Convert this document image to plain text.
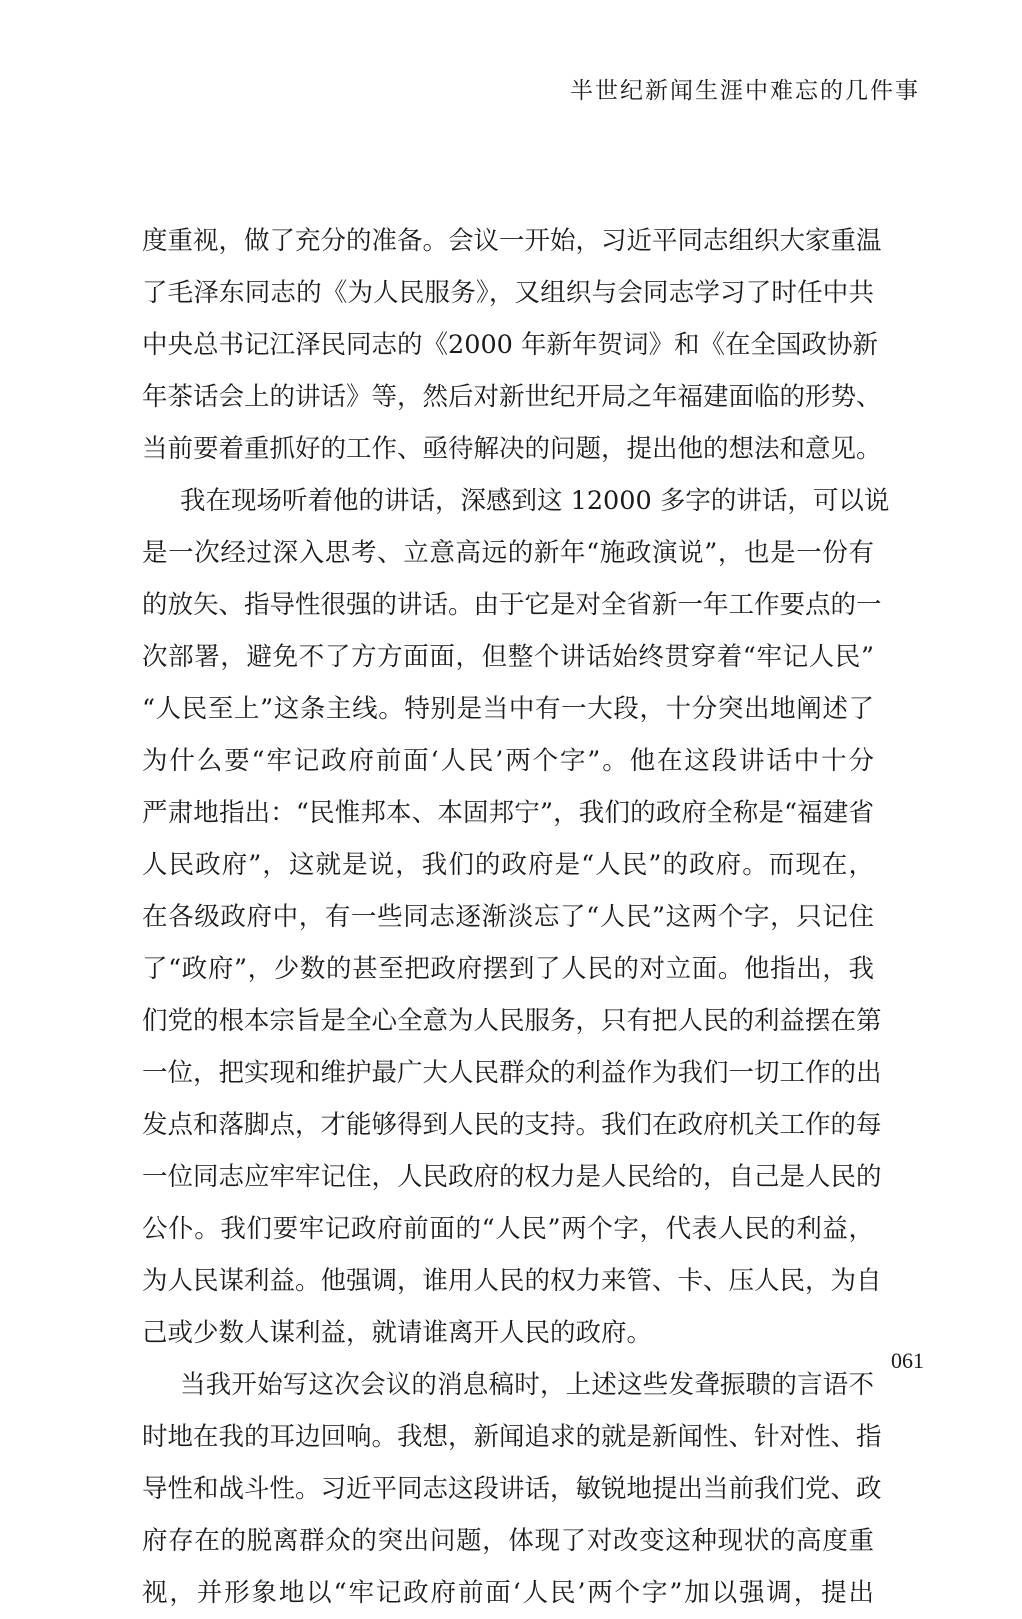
半世纪新闻生涯中难忘的几件事
度重视，做了充分的准备。会议一开始，习近平同志组织大家重温
了毛泽东同志的《为人民服务》，又组织与会同志学习了时任中共
中央总书记江泽民同志的《2000 年新年贺词》和《在全国政协新
年茶话会上的讲话》等，然后对新世纪开局之年福建面临的形势、
当前要着重抓好的工作、亟待解决的问题，提出他的想法和意见。
我在现场听着他的讲话，深感到这 12000 多字的讲话，可以说
是一次经过深入思考、立意高远的新年“施政演说”，也是一份有
的放矢、指导性很强的讲话。由于它是对全省新一年工作要点的一
次部署，避免不了方方面面，但整个讲话始终贯穿着“牢记人民”
“人民至上”这条主线。特别是当中有一大段，十分突出地阐述了
为什么要“牢记政府前面‘人民’两个字”。他在这段讲话中十分
严肃地指出：“民惟邦本、本固邦宁”，我们的政府全称是“福建省
人民政府”，这就是说，我们的政府是“人民”的政府。而现在，
在各级政府中，有一些同志逐渐淡忘了“人民”这两个字，只记住
了“政府”，少数的甚至把政府摆到了人民的对立面。他指出，我
们党的根本宗旨是全心全意为人民服务，只有把人民的利益摆在第
一位，把实现和维护最广大人民群众的利益作为我们一切工作的出
发点和落脚点，才能够得到人民的支持。我们在政府机关工作的每
一位同志应牢牢记住，人民政府的权力是人民给的，自己是人民的
公仆。我们要牢记政府前面的“人民”两个字，代表人民的利益，
为人民谋利益。他强调，谁用人民的权力来管、卡、压人民，为自
己或少数人谋利益，就请谁离开人民的政府。
当我开始写这次会议的消息稿时，上述这些发聋振聩的言语不
时地在我的耳边回响。我想，新闻追求的就是新闻性、针对性、指
导性和战斗性。习近平同志这段讲话，敏锐地提出当前我们党、政
府存在的脱离群众的突出问题，体现了对改变这种现状的高度重
视，并形象地以“牢记政府前面‘人民’两个字”加以强调，提出
061
